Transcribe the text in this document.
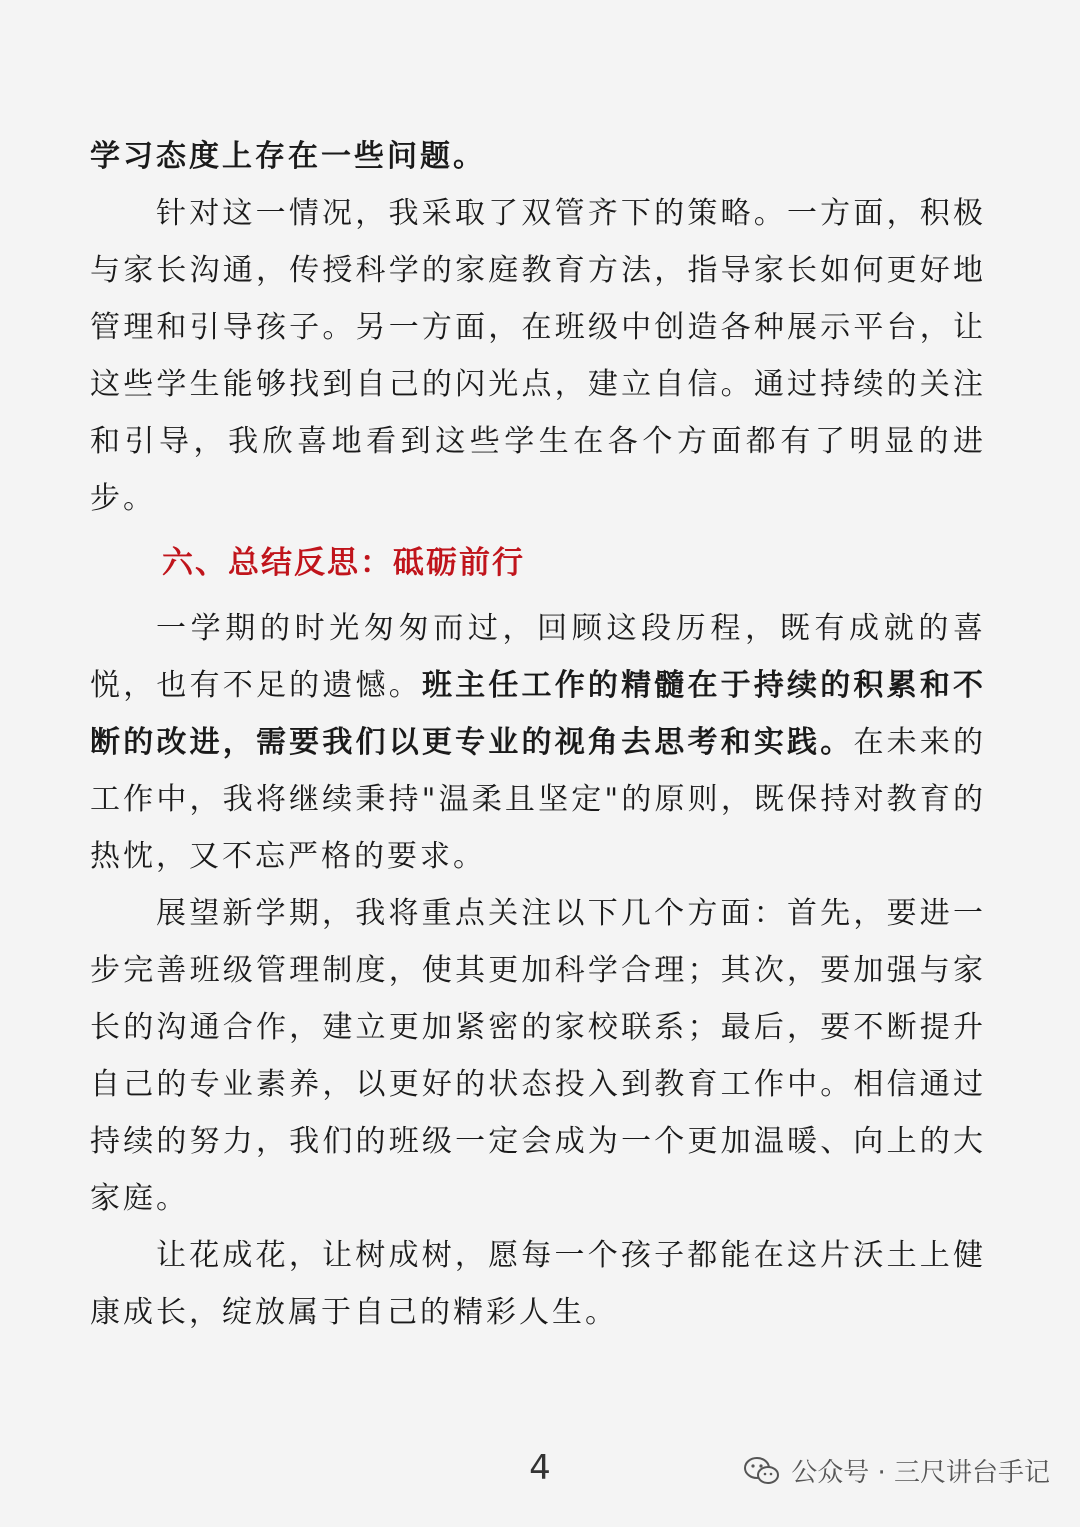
学习态度上存在一些问题。

针对这一情况，我采取了双管齐下的策略。一方面，积极与家长沟通，传授科学的家庭教育方法，指导家长如何更好地管理和引导孩子。另一方面，在班级中创造各种展示平台，让这些学生能够找到自己的闪光点，建立自信。通过持续的关注和引导，我欣喜地看到这些学生在各个方面都有了明显的进步。

六、总结反思：砥砺前行

一学期的时光匆匆而过，回顾这段历程，既有成就的喜悦，也有不足的遗憾。班主任工作的精髓在于持续的积累和不断的改进，需要我们以更专业的视角去思考和实践。在未来的工作中，我将继续秉持"温柔且坚定"的原则，既保持对教育的热忱，又不忘严格的要求。

展望新学期，我将重点关注以下几个方面：首先，要进一步完善班级管理制度，使其更加科学合理；其次，要加强与家长的沟通合作，建立更加紧密的家校联系；最后，要不断提升自己的专业素养，以更好的状态投入到教育工作中。相信通过持续的努力，我们的班级一定会成为一个更加温暖、向上的大家庭。

让花成花，让树成树，愿每一个孩子都能在这片沃土上健康成长，绽放属于自己的精彩人生。

4	公众号 · 三尺讲台手记
